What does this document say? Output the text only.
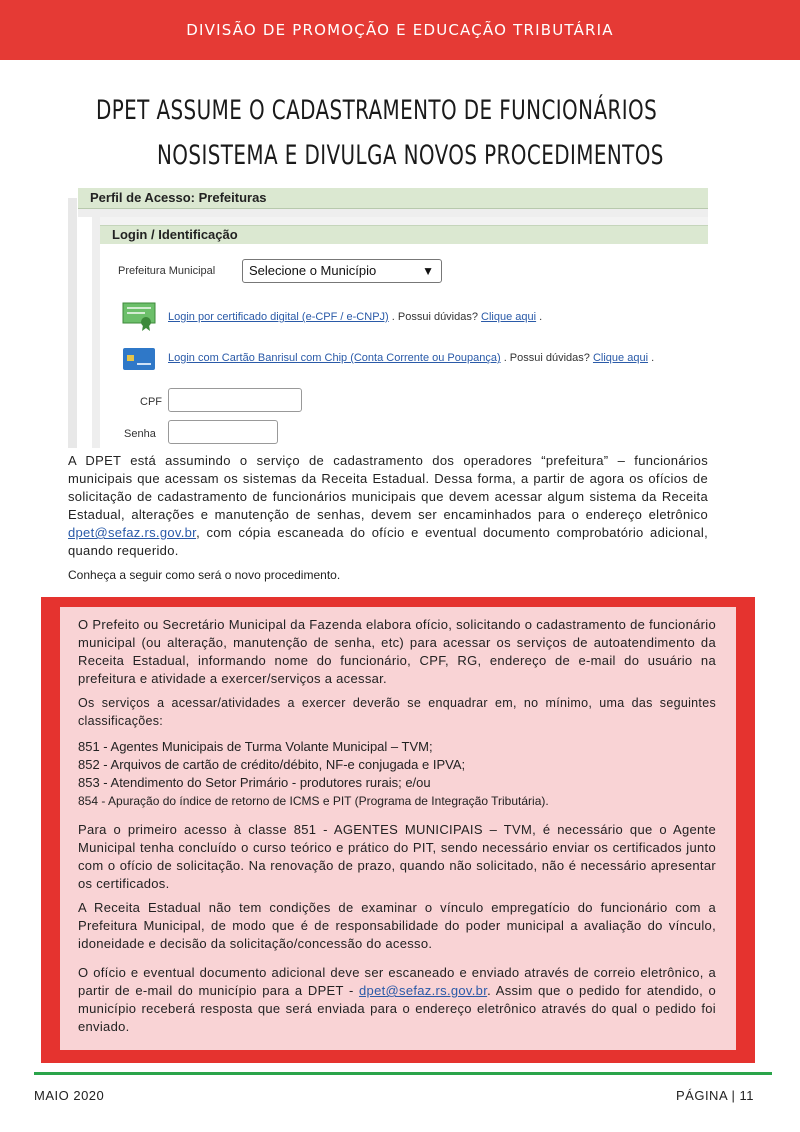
DIVISÃO DE PROMOÇÃO E EDUCAÇÃO TRIBUTÁRIA
DPET ASSUME O CADASTRAMENTO DE FUNCIONÁRIOS
NOSISTEMA E DIVULGA NOVOS PROCEDIMENTOS
Perfil de Acesso: Prefeituras
Login / Identificação
Prefeitura Municipal	Selecione o Município	▼
Login por certificado digital (e-CPF / e-CNPJ) . Possui dúvidas? Clique aqui .
Login com Cartão Banrisul com Chip (Conta Corrente ou Poupança) . Possui dúvidas? Clique aqui .
CPF
Senha
A DPET está assumindo o serviço de cadastramento dos operadores “prefeitura” – funcionários municipais que acessam os sistemas da Receita Estadual. Dessa forma, a partir de agora os ofícios de solicitação de cadastramento de funcionários municipais que devem acessar algum sistema da Receita Estadual, alterações e manutenção de senhas, devem ser encaminhados para o endereço eletrônico dpet@sefaz.rs.gov.br, com cópia escaneada do ofício e eventual documento comprobatório adicional, quando requerido.
Conheça a seguir como será o novo procedimento.
O Prefeito ou Secretário Municipal da Fazenda elabora ofício, solicitando o cadastramento de funcionário municipal (ou alteração, manutenção de senha, etc) para acessar os serviços de autoatendimento da Receita Estadual, informando nome do funcionário, CPF, RG, endereço de e-mail do usuário na prefeitura e atividade a exercer/serviços a acessar.
Os serviços a acessar/atividades a exercer deverão se enquadrar em, no mínimo, uma das seguintes classificações:
851 - Agentes Municipais de Turma Volante Municipal – TVM;
852 - Arquivos de cartão de crédito/débito, NF-e conjugada e IPVA;
853 - Atendimento do Setor Primário - produtores rurais; e/ou
854 - Apuração do índice de retorno de ICMS e PIT (Programa de Integração Tributária).
Para o primeiro acesso à classe 851 - AGENTES MUNICIPAIS – TVM, é necessário que o Agente Municipal tenha concluído o curso teórico e prático do PIT, sendo necessário enviar os certificados junto com o ofício de solicitação. Na renovação de prazo, quando não solicitado, não é necessário apresentar os certificados.
A Receita Estadual não tem condições de examinar o vínculo empregatício do funcionário com a Prefeitura Municipal, de modo que é de responsabilidade do poder municipal a avaliação do vínculo, idoneidade e decisão da solicitação/concessão do acesso.
O ofício e eventual documento adicional deve ser escaneado e enviado através de correio eletrônico, a partir de e-mail do município para a DPET - dpet@sefaz.rs.gov.br. Assim que o pedido for atendido, o município receberá resposta que será enviada para o endereço eletrônico através do qual o pedido foi enviado.
MAIO 2020	PÁGINA | 11
